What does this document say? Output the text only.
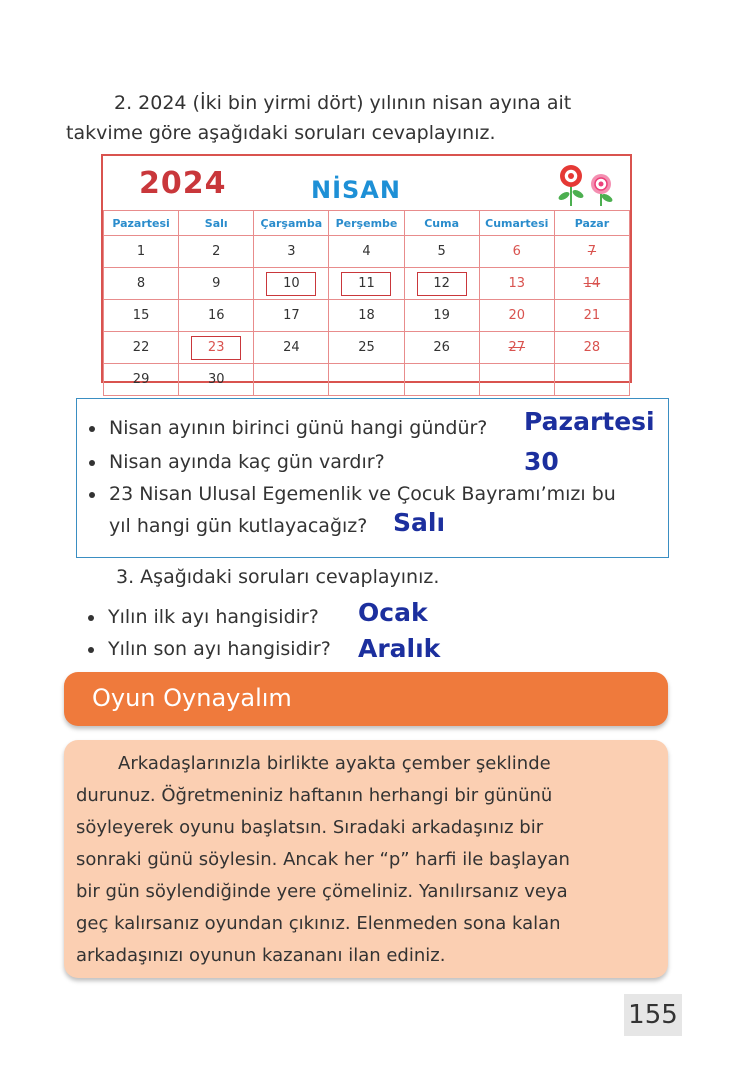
2. 2024 (İki bin yirmi dört) yılının nisan ayına ait
takvime göre aşağıdaki soruları cevaplayınız.
2024	NİSAN
Pazartesi	Salı	Çarşamba	Perşembe	Cuma	Cumartesi	Pazar
1	2	3	4	5	6	7
8	9	10	11	12	13	14
15	16	17	18	19	20	21
22	23	24	25	26	27	28
29	30					
Nisan ayının birinci günü hangi gündür? Pazartesi
Nisan ayında kaç gün vardır?	30
23 Nisan Ulusal Egemenlik ve Çocuk Bayramı’mızı bu
yıl hangi gün kutlayacağız? Salı
3. Aşağıdaki soruları cevaplayınız.
Yılın ilk ayı hangisidir? Ocak
Yılın son ayı hangisidir? Aralık
Oyun Oynayalım

Arkadaşlarınızla birlikte ayakta çember şeklinde
durunuz. Öğretmeniniz haftanın herhangi bir gününü
söyleyerek oyunu başlatsın. Sıradaki arkadaşınız bir
sonraki günü söylesin. Ancak her “p” harfi ile başlayan
bir gün söylendiğinde yere çömeliniz. Yanılırsanız veya
geç kalırsanız oyundan çıkınız. Elenmeden sona kalan
arkadaşınızı oyunun kazananı ilan ediniz.

155
